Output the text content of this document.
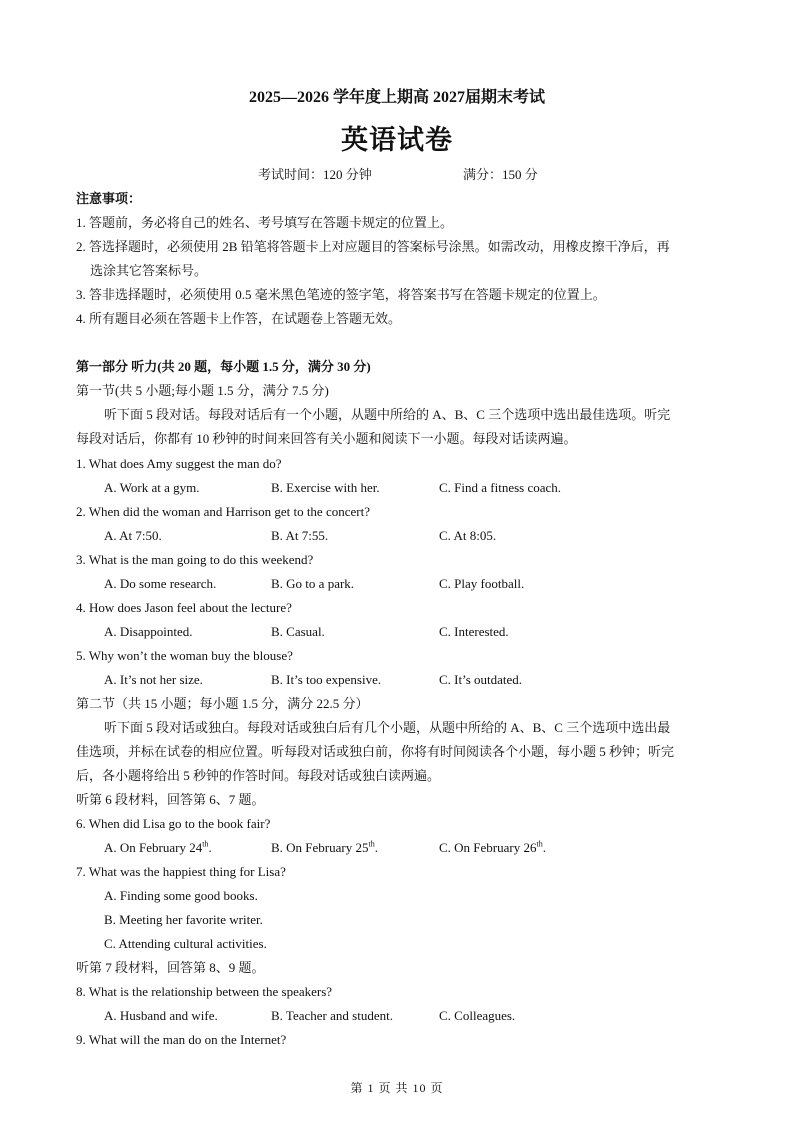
2025—2026 学年度上期高 2027届期末考试
英语试卷
考试时间：120 分钟	满分：150 分
注意事项：
1. 答题前，务必将自己的姓名、考号填写在答题卡规定的位置上。
2. 答选择题时，必须使用 2B 铅笔将答题卡上对应题目的答案标号涂黑。如需改动，用橡皮擦干净后，再
选涂其它答案标号。
3. 答非选择题时，必须使用 0.5 毫米黑色笔迹的签字笔，将答案书写在答题卡规定的位置上。
4. 所有题目必须在答题卡上作答，在试题卷上答题无效。
第一部分 听力(共 20 题，每小题 1.5 分，满分 30 分)
第一节(共 5 小题;每小题 1.5 分，满分 7.5 分)
听下面 5 段对话。每段对话后有一个小题，从题中所给的 A、B、C 三个选项中选出最佳选项。听完
每段对话后，你都有 10 秒钟的时间来回答有关小题和阅读下一小题。每段对话读两遍。
1. What does Amy suggest the man do?
A. Work at a gym.	B. Exercise with her.	C. Find a fitness coach.
2. When did the woman and Harrison get to the concert?
A. At 7:50.	B. At 7:55.	C. At 8:05.
3. What is the man going to do this weekend?
A. Do some research.	B. Go to a park.	C. Play football.
4. How does Jason feel about the lecture?
A. Disappointed.	B. Casual.	C. Interested.
5. Why won’t the woman buy the blouse?
A. It’s not her size.	B. It’s too expensive.	C. It’s outdated.
第二节（共 15 小题；每小题 1.5 分，满分 22.5 分）
听下面 5 段对话或独白。每段对话或独白后有几个小题，从题中所给的 A、B、C 三个选项中选出最
佳选项，并标在试卷的相应位置。听每段对话或独白前，你将有时间阅读各个小题，每小题 5 秒钟；听完
后，各小题将给出 5 秒钟的作答时间。每段对话或独白读两遍。
听第 6 段材料，回答第 6、7 题。
6. When did Lisa go to the book fair?
A. On February 24th.	B. On February 25th.	C. On February 26th.
7. What was the happiest thing for Lisa?
A. Finding some good books.
B. Meeting her favorite writer.
C. Attending cultural activities.
听第 7 段材料，回答第 8、9 题。
8. What is the relationship between the speakers?
A. Husband and wife.	B. Teacher and student.	C. Colleagues.
9. What will the man do on the Internet?
第 1 页 共 10 页
